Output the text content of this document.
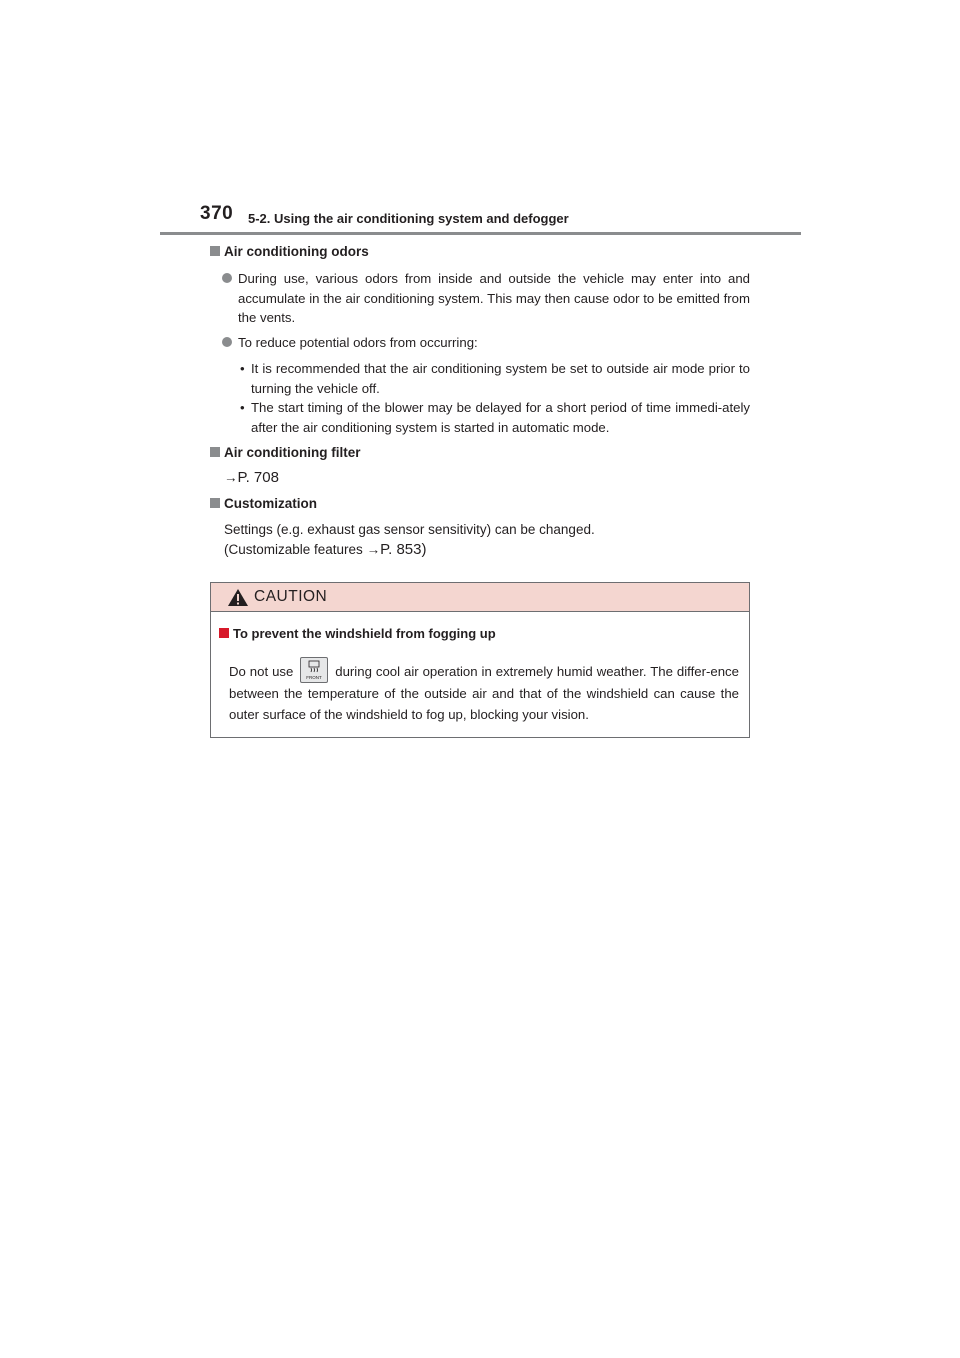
370 5-2. Using the air conditioning system and defogger
Air conditioning odors
During use, various odors from inside and outside the vehicle may enter into and accumulate in the air conditioning system. This may then cause odor to be emitted from the vents.
To reduce potential odors from occurring:
• It is recommended that the air conditioning system be set to outside air mode prior to turning the vehicle off.
• The start timing of the blower may be delayed for a short period of time immedi-ately after the air conditioning system is started in automatic mode.
Air conditioning filter
→P. 708
Customization
Settings (e.g. exhaust gas sensor sensitivity) can be changed.
(Customizable features →P. 853)
CAUTION
To prevent the windshield from fogging up
Do not use	FRONT during cool air operation in extremely humid weather. The differ-ence between the temperature of the outside air and that of the windshield can cause the outer surface of the windshield to fog up, blocking your vision.
